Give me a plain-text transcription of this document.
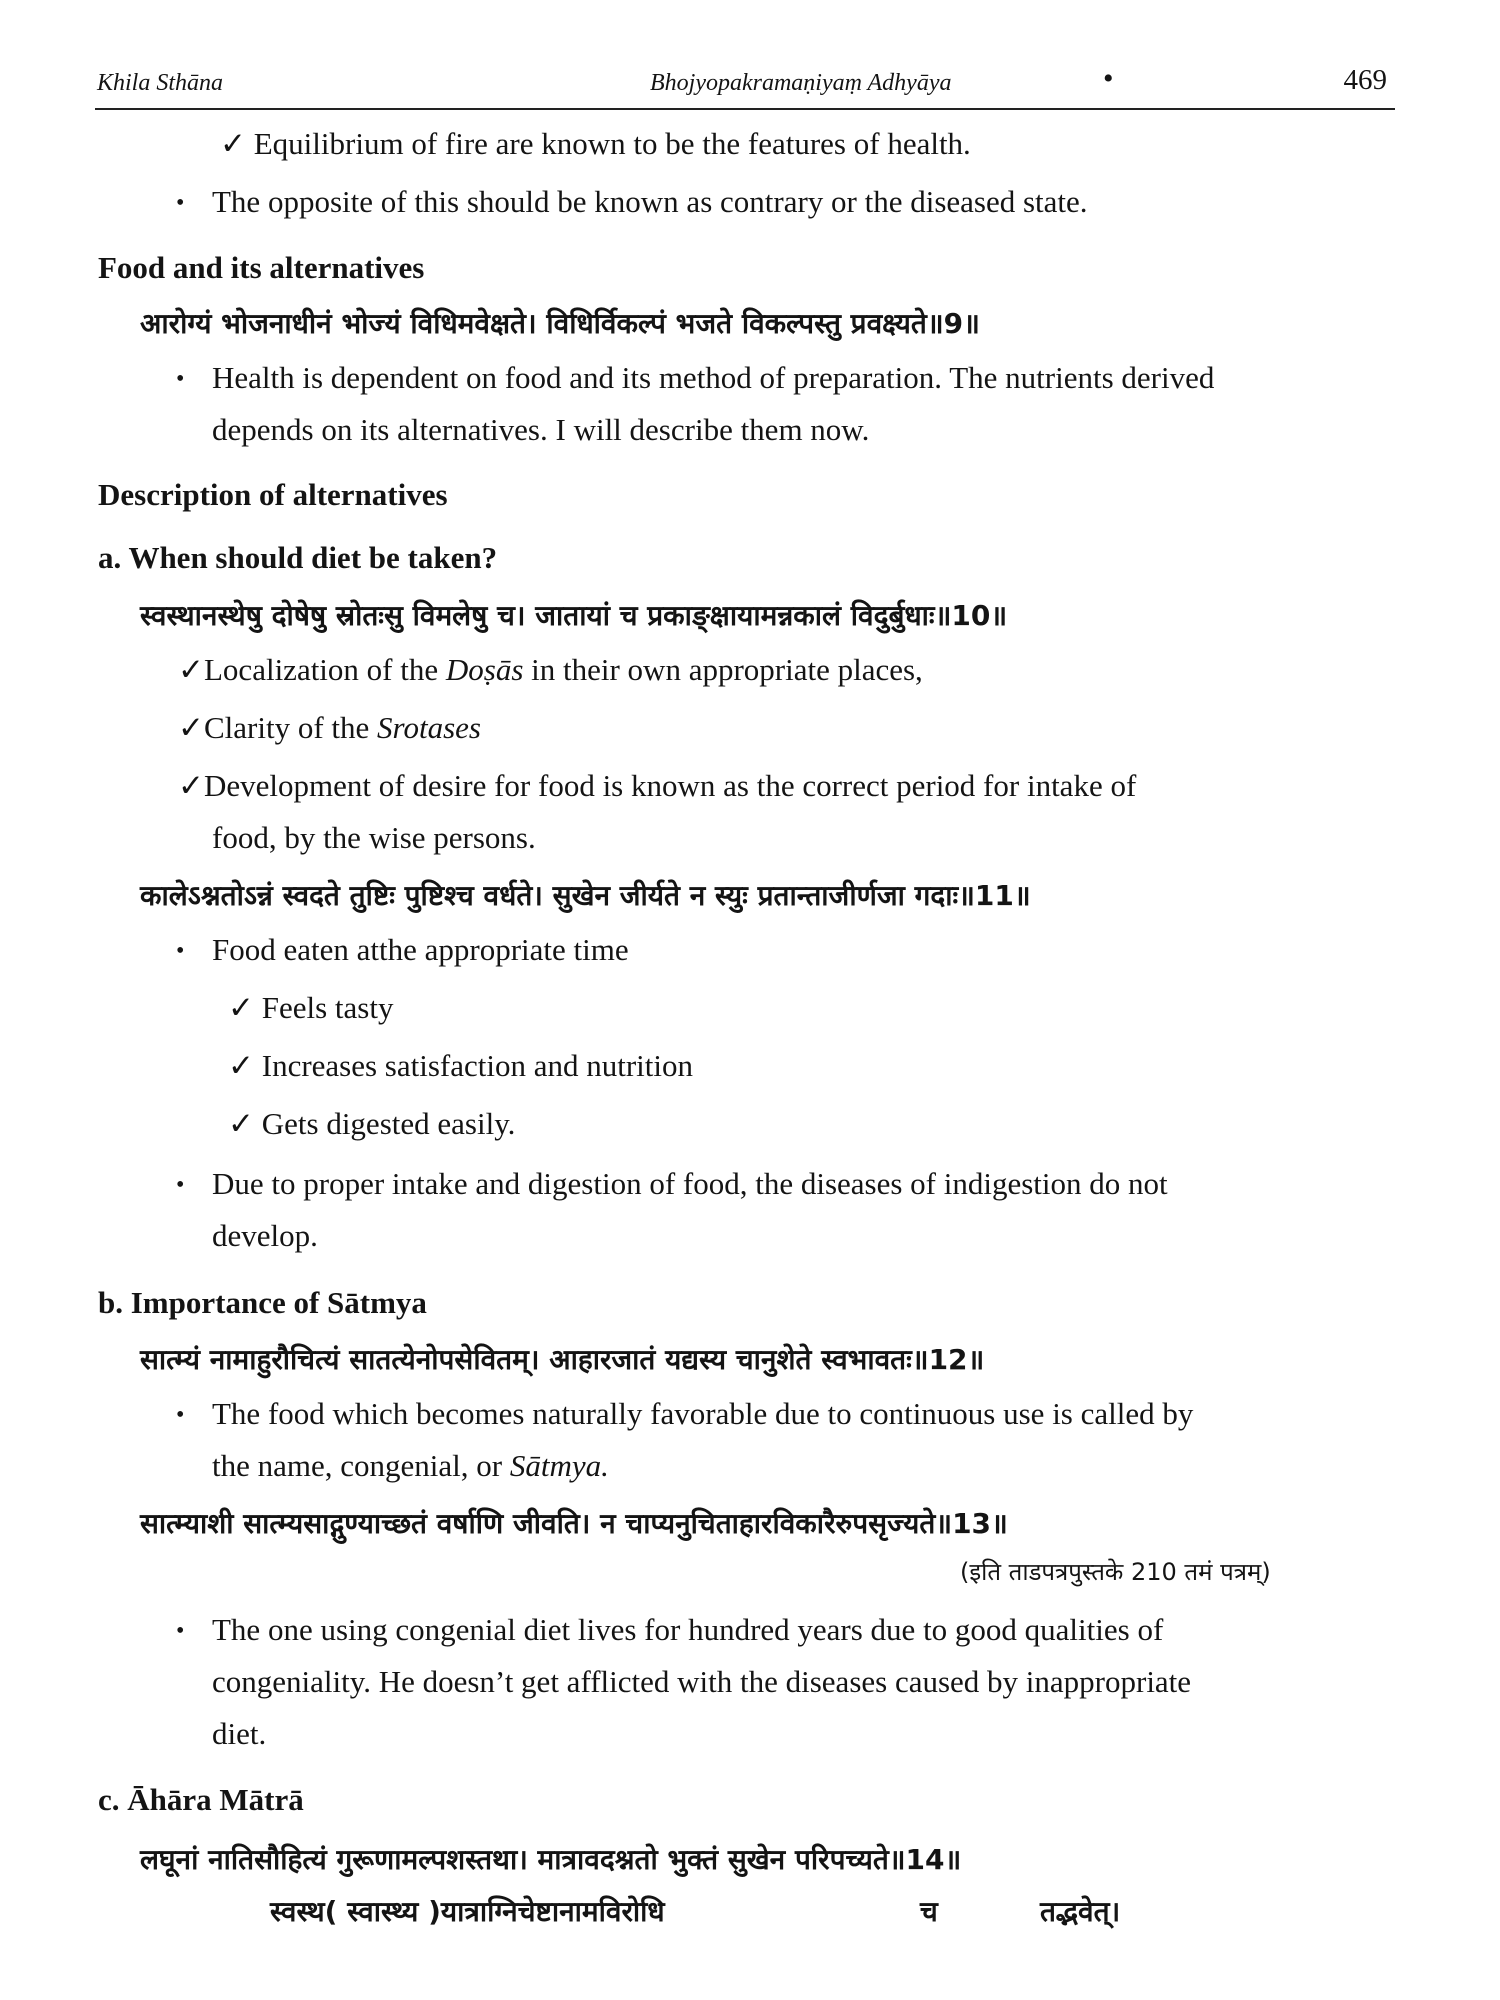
Khila Sthāna	Bhojyopakramaṇiyaṃ Adhyāya	•	469
✓ Equilibrium of fire are known to be the features of health.
• The opposite of this should be known as contrary or the diseased state.
Food and its alternatives
आरोग्यं भोजनाधीनं भोज्यं विधिमवेक्षते। विधिर्विकल्पं भजते विकल्पस्तु प्रवक्ष्यते॥9॥
• Health is dependent on food and its method of preparation. The nutrients derived
depends on its alternatives. I will describe them now.
Description of alternatives
a. When should diet be taken?
स्वस्थानस्थेषु दोषेषु स्रोतःसु विमलेषु च। जातायां च प्रकाङ्क्षायामन्नकालं विदुर्बुधाः॥10॥
✓Localization of the Doṣās in their own appropriate places,
✓Clarity of the Srotases
✓Development of desire for food is known as the correct period for intake of
food, by the wise persons.
कालेऽश्नतोऽन्नं स्वदते तुष्टिः पुष्टिश्च वर्धते। सुखेन जीर्यते न स्युः प्रतान्ताजीर्णजा गदाः॥11॥
• Food eaten atthe appropriate time
✓ Feels tasty
✓ Increases satisfaction and nutrition
✓ Gets digested easily.
• Due to proper intake and digestion of food, the diseases of indigestion do not
develop.
b. Importance of Sātmya
सात्म्यं नामाहुरौचित्यं सातत्येनोपसेवितम्। आहारजातं यद्यस्य चानुशेते स्वभावतः॥12॥
• The food which becomes naturally favorable due to continuous use is called by
the name, congenial, or Sātmya.
सात्म्याशी सात्म्यसाद्गुण्याच्छतं वर्षाणि जीवति। न चाप्यनुचिताहारविकारैरुपसृज्यते॥13॥
(इति ताडपत्रपुस्तके 210 तमं पत्रम्)
• The one using congenial diet lives for hundred years due to good qualities of
congeniality. He doesn’t get afflicted with the diseases caused by inappropriate
diet.
c. Āhāra Mātrā
लघूनां नातिसौहित्यं गुरूणामल्पशस्तथा। मात्रावदश्नतो भुक्तं सुखेन परिपच्यते॥14॥
स्वस्थ( स्वास्थ्य )यात्राग्निचेष्टानामविरोधि	च	तद्भवेत्।
